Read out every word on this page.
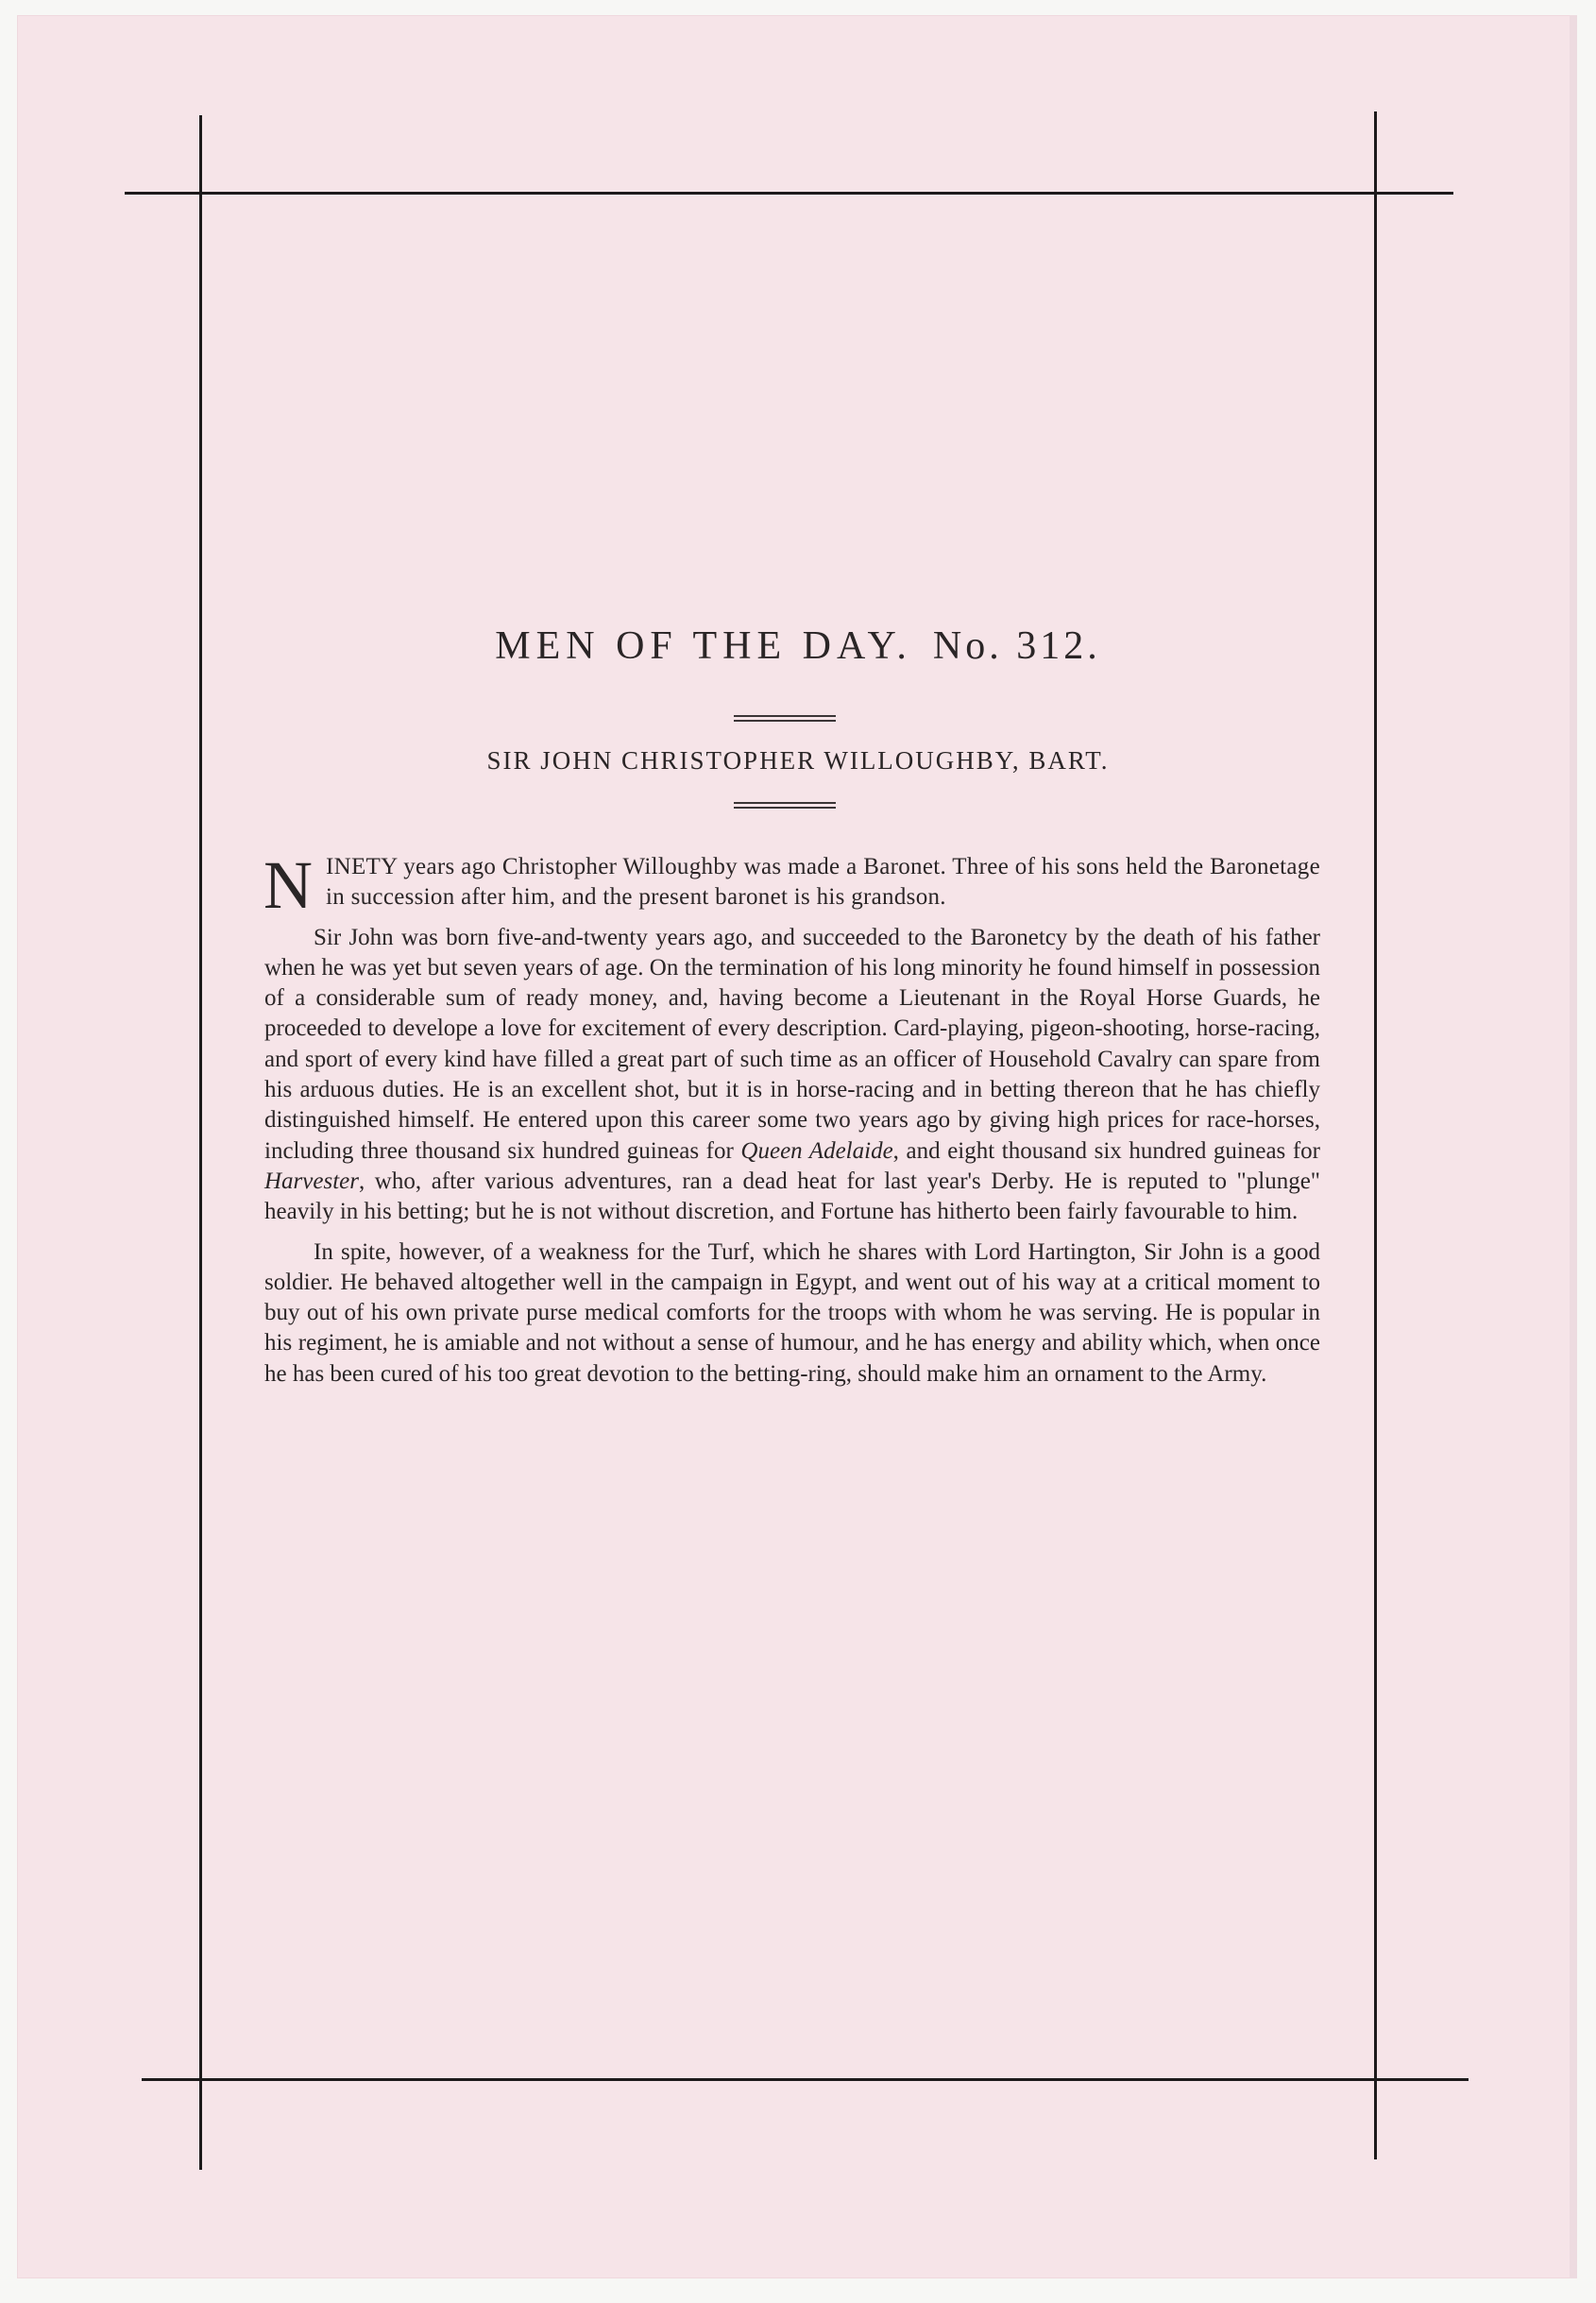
MEN OF THE DAY. No. 312.
SIR JOHN CHRISTOPHER WILLOUGHBY, BART.

NINETY years ago Christopher Willoughby was made a Baronet. Three of his sons held the Baronetage in succession after him, and the present baronet is his grandson.

Sir John was born five-and-twenty years ago, and succeeded to the Baronetcy by the death of his father when he was yet but seven years of age. On the termination of his long minority he found himself in possession of a considerable sum of ready money, and, having become a Lieutenant in the Royal Horse Guards, he proceeded to develope a love for excitement of every description. Card-playing, pigeon-shooting, horse-racing, and sport of every kind have filled a great part of such time as an officer of Household Cavalry can spare from his arduous duties. He is an excellent shot, but it is in horse-racing and in betting thereon that he has chiefly distinguished himself. He entered upon this career some two years ago by giving high prices for race-horses, including three thousand six hundred guineas for Queen Adelaide, and eight thousand six hundred guineas for Harvester, who, after various adventures, ran a dead heat for last year's Derby. He is reputed to "plunge" heavily in his betting; but he is not without discretion, and Fortune has hitherto been fairly favourable to him.

In spite, however, of a weakness for the Turf, which he shares with Lord Hartington, Sir John is a good soldier. He behaved altogether well in the campaign in Egypt, and went out of his way at a critical moment to buy out of his own private purse medical comforts for the troops with whom he was serving. He is popular in his regiment, he is amiable and not without a sense of humour, and he has energy and ability which, when once he has been cured of his too great devotion to the betting-ring, should make him an ornament to the Army.
